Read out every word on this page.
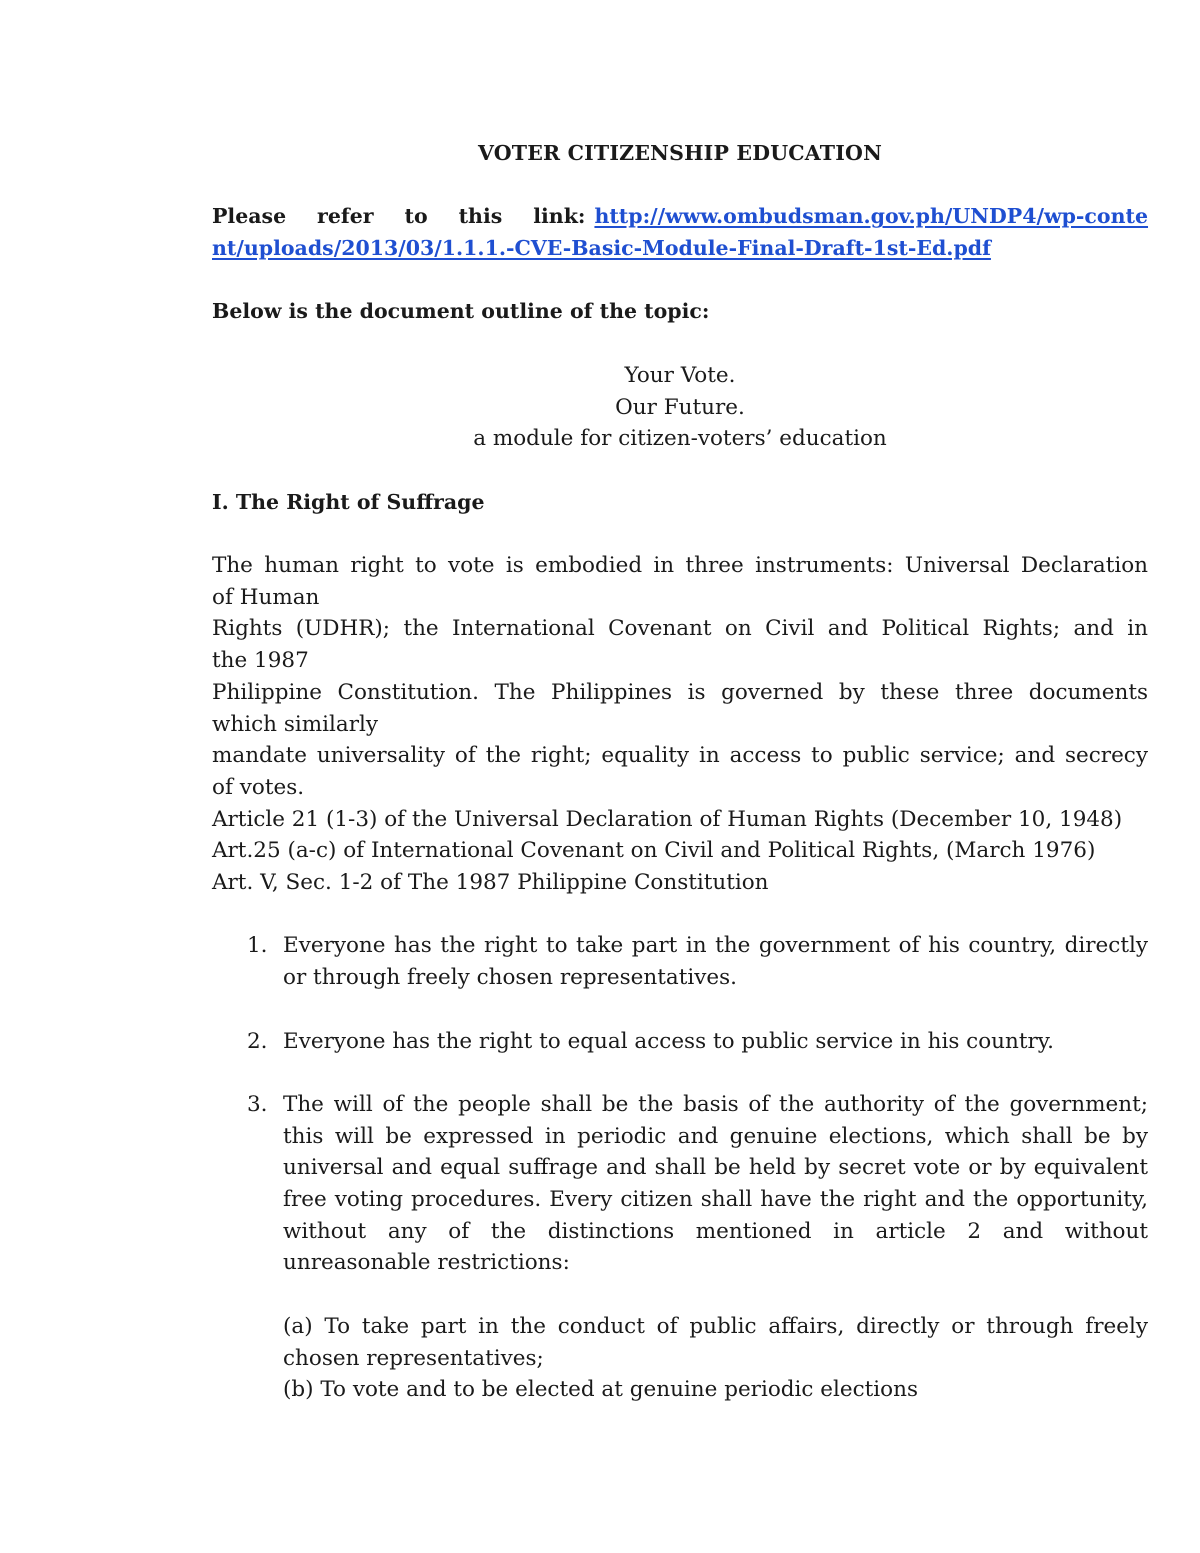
VOTER CITIZENSHIP EDUCATION

Please refer to this link: http://www.ombudsman.gov.ph/UNDP4/wp-content/uploads/2013/03/1.1.1.-CVE-Basic-Module-Final-Draft-1st-Ed.pdf

Below is the document outline of the topic:

Your Vote.
Our Future.
a module for citizen-voters’ education

I. The Right of Suffrage

The human right to vote is embodied in three instruments: Universal Declaration
of Human
Rights (UDHR); the International Covenant on Civil and Political Rights; and in
the 1987
Philippine Constitution. The Philippines is governed by these three documents
which similarly
mandate universality of the right; equality in access to public service; and secrecy
of votes.
Article 21 (1-3) of the Universal Declaration of Human Rights (December 10, 1948)
Art.25 (a-c) of International Covenant on Civil and Political Rights, (March 1976)
Art. V, Sec. 1-2 of The 1987 Philippine Constitution
1. Everyone has the right to take part in the government of his country, directly or through freely chosen representatives.
2. Everyone has the right to equal access to public service in his country.
3. The will of the people shall be the basis of the authority of the government; this will be expressed in periodic and genuine elections, which shall be by universal and equal suffrage and shall be held by secret vote or by equivalent free voting procedures. Every citizen shall have the right and the opportunity, without any of the distinctions mentioned in article 2 and without unreasonable restrictions:
(a) To take part in the conduct of public affairs, directly or through freely chosen representatives;
(b) To vote and to be elected at genuine periodic elections
